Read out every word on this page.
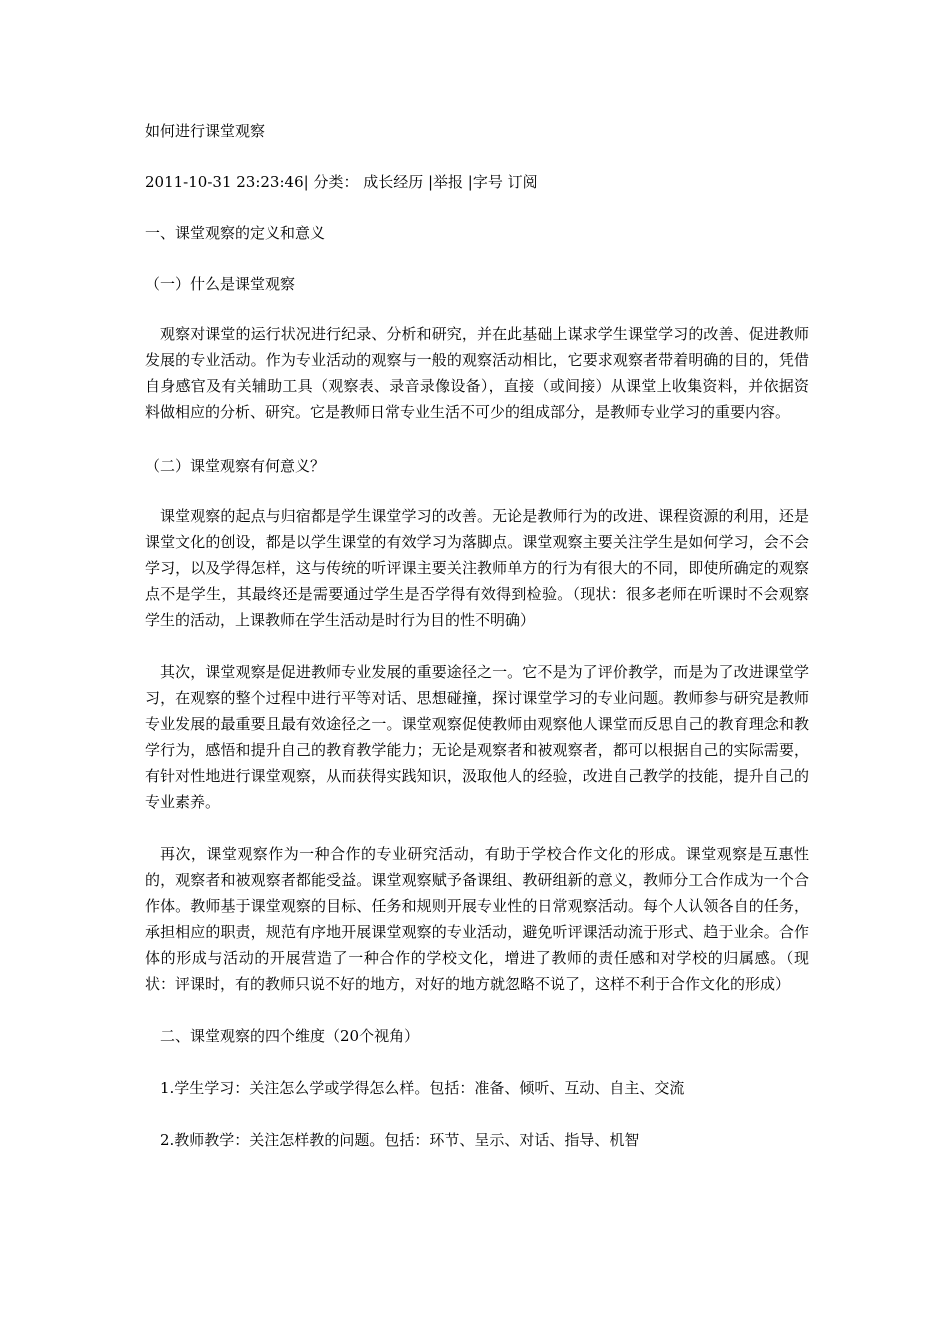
如何进行课堂观察
2011-10-31 23:23:46| 分类： 成长经历 |举报 |字号 订阅
一、课堂观察的定义和意义
（一）什么是课堂观察

观察对课堂的运行状况进行纪录、分析和研究，并在此基础上谋求学生课堂学习的改善、促进教师发展的专业活动。作为专业活动的观察与一般的观察活动相比，它要求观察者带着明确的目的，凭借自身感官及有关辅助工具（观察表、录音录像设备），直接（或间接）从课堂上收集资料，并依据资料做相应的分析、研究。它是教师日常专业生活不可少的组成部分，是教师专业学习的重要内容。

（二）课堂观察有何意义？

课堂观察的起点与归宿都是学生课堂学习的改善。无论是教师行为的改进、课程资源的利用，还是课堂文化的创设，都是以学生课堂的有效学习为落脚点。课堂观察主要关注学生是如何学习，会不会学习，以及学得怎样，这与传统的听评课主要关注教师单方的行为有很大的不同，即使所确定的观察点不是学生，其最终还是需要通过学生是否学得有效得到检验。（现状：很多老师在听课时不会观察学生的活动，上课教师在学生活动是时行为目的性不明确）

其次，课堂观察是促进教师专业发展的重要途径之一。它不是为了评价教学，而是为了改进课堂学习，在观察的整个过程中进行平等对话、思想碰撞，探讨课堂学习的专业问题。教师参与研究是教师专业发展的最重要且最有效途径之一。课堂观察促使教师由观察他人课堂而反思自己的教育理念和教学行为，感悟和提升自己的教育教学能力；无论是观察者和被观察者，都可以根据自己的实际需要，有针对性地进行课堂观察，从而获得实践知识，汲取他人的经验，改进自己教学的技能，提升自己的专业素养。

再次，课堂观察作为一种合作的专业研究活动，有助于学校合作文化的形成。课堂观察是互惠性的，观察者和被观察者都能受益。课堂观察赋予备课组、教研组新的意义，教师分工合作成为一个合作体。教师基于课堂观察的目标、任务和规则开展专业性的日常观察活动。每个人认领各自的任务，承担相应的职责，规范有序地开展课堂观察的专业活动，避免听评课活动流于形式、趋于业余。合作体的形成与活动的开展营造了一种合作的学校文化，增进了教师的责任感和对学校的归属感。（现状：评课时，有的教师只说不好的地方，对好的地方就忽略不说了，这样不利于合作文化的形成）

二、课堂观察的四个维度（20个视角）
1.学生学习：关注怎么学或学得怎么样。包括：准备、倾听、互动、自主、交流
2.教师教学：关注怎样教的问题。包括：环节、呈示、对话、指导、机智
